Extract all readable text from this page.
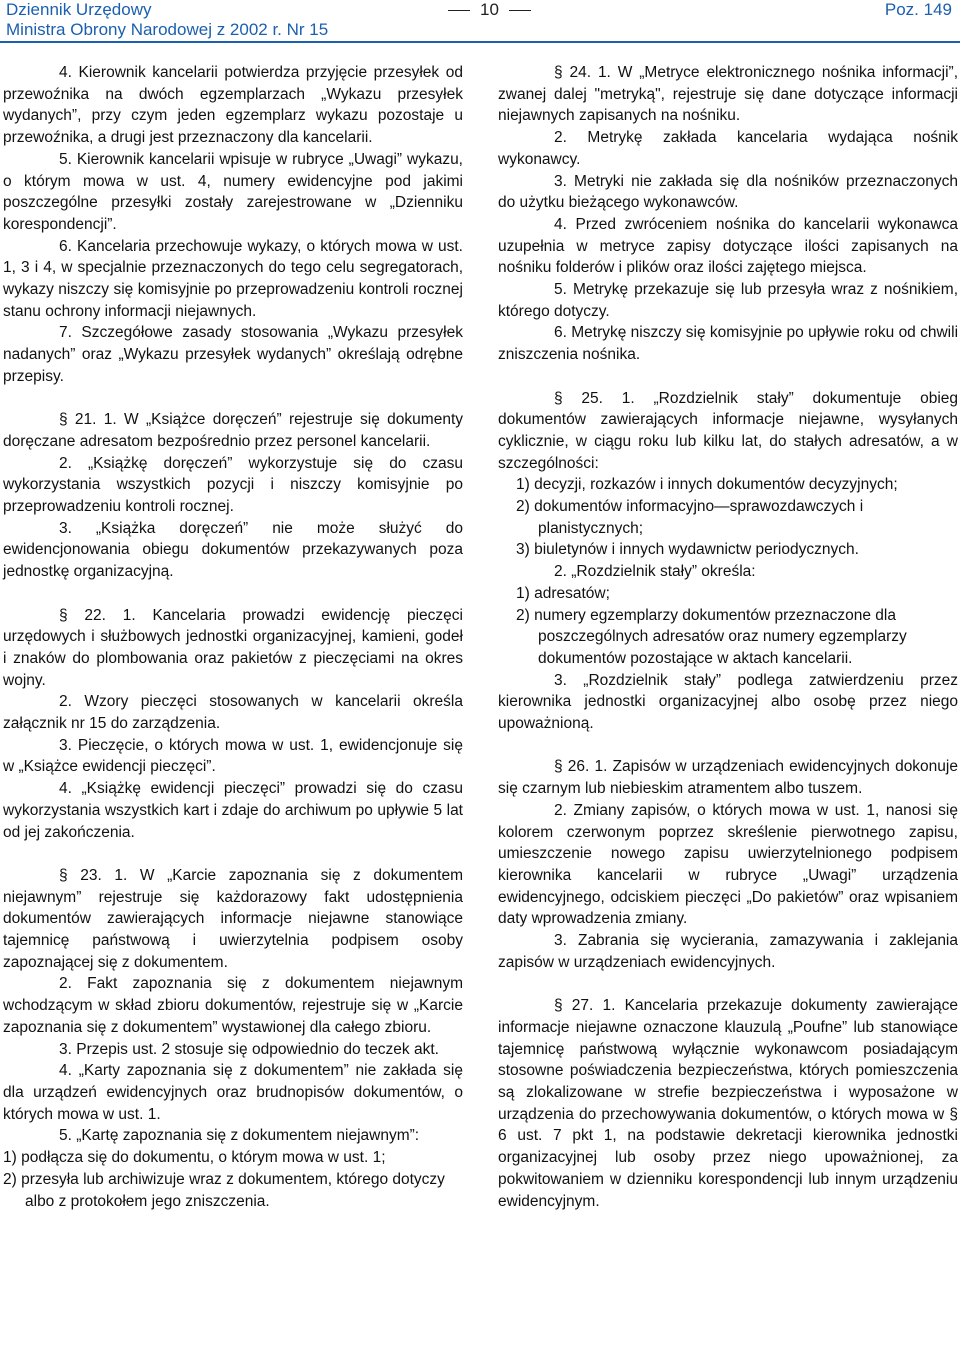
Dziennik Urzędowy

Ministra Obrony Narodowej z 2002 r. Nr 15

10	Poz. 149

4. Kierownik kancelarii potwierdza przyjęcie przesyłek od przewoźnika na dwóch egzemplarzach „Wykazu przesyłek wydanych”, przy czym jeden egzemplarz wykazu pozostaje u przewoźnika, a drugi jest przeznaczony dla kancelarii.

5. Kierownik kancelarii wpisuje w rubryce „Uwagi” wykazu, o którym mowa w ust. 4, numery ewidencyjne pod jakimi poszczególne przesyłki zostały zarejestrowane w „Dzienniku korespondencji”.

6. Kancelaria przechowuje wykazy, o których mowa w ust. 1, 3 i 4, w specjalnie przeznaczonych do tego celu segregatorach, wykazy niszczy się komisyjnie po przeprowadzeniu kontroli rocznej stanu ochrony informacji niejawnych.

7. Szczegółowe zasady stosowania „Wykazu przesyłek nadanych” oraz „Wykazu przesyłek wydanych” określają odrębne przepisy.

§ 21. 1. W „Książce doręczeń” rejestruje się dokumenty doręczane adresatom bezpośrednio przez personel kancelarii.

2. „Książkę doręczeń” wykorzystuje się do czasu wykorzystania wszystkich pozycji i niszczy komisyjnie po przeprowadzeniu kontroli rocznej.

3. „Książka doręczeń” nie może służyć do ewidencjonowania obiegu dokumentów przekazywanych poza jednostkę organizacyjną.

§ 22. 1. Kancelaria prowadzi ewidencję pieczęci urzędowych i służbowych jednostki organizacyjnej, kamieni, godeł i znaków do plombowania oraz pakietów z pieczęciami na okres wojny.

2. Wzory pieczęci stosowanych w kancelarii określa załącznik nr 15 do zarządzenia.

3. Pieczęcie, o których mowa w ust. 1, ewidencjonuje się w „Książce ewidencji pieczęci”.

4. „Książkę ewidencji pieczęci” prowadzi się do czasu wykorzystania wszystkich kart i zdaje do archiwum po upływie 5 lat od jej zakończenia.

§ 23. 1. W „Karcie zapoznania się z dokumentem niejawnym” rejestruje się każdorazowy fakt udostępnienia dokumentów zawierających informacje niejawne stanowiące tajemnicę państwową i uwierzytelnia podpisem osoby zapoznającej się z dokumentem.

2. Fakt zapoznania się z dokumentem niejawnym wchodzącym w skład zbioru dokumentów, rejestruje się w „Karcie zapoznania się z dokumentem” wystawionej dla całego zbioru.

3. Przepis ust. 2 stosuje się odpowiednio do teczek akt.

4. „Karty zapoznania się z dokumentem” nie zakłada się dla urządzeń ewidencyjnych oraz brudnopisów dokumentów, o których mowa w ust. 1.

5. „Kartę zapoznania się z dokumentem niejawnym”:

1) podłącza się do dokumentu, o którym mowa w ust. 1;

2) przesyła lub archiwizuje wraz z dokumentem, którego dotyczy albo z protokołem jego zniszczenia.

§ 24. 1. W „Metryce elektronicznego nośnika informacji”, zwanej dalej "metryką", rejestruje się dane dotyczące informacji niejawnych zapisanych na nośniku.

2. Metrykę zakłada kancelaria wydająca nośnik wykonawcy.

3. Metryki nie zakłada się dla nośników przeznaczonych do użytku bieżącego wykonawców.

4. Przed zwróceniem nośnika do kancelarii wykonawca uzupełnia w metryce zapisy dotyczące ilości zapisanych na nośniku folderów i plików oraz ilości zajętego miejsca.

5. Metrykę przekazuje się lub przesyła wraz z nośnikiem, którego dotyczy.

6. Metrykę niszczy się komisyjnie po upływie roku od chwili zniszczenia nośnika.

§ 25. 1. „Rozdzielnik stały” dokumentuje obieg dokumentów zawierających informacje niejawne, wysyłanych cyklicznie, w ciągu roku lub kilku lat, do stałych adresatów, a w szczególności:

1) decyzji, rozkazów i innych dokumentów decyzyjnych;

2) dokumentów informacyjno—sprawozdawczych i planistycznych;

3) biuletynów i innych wydawnictw periodycznych.

2. „Rozdzielnik stały” określa:

1) adresatów;

2) numery egzemplarzy dokumentów przeznaczone dla poszczególnych adresatów oraz numery egzemplarzy dokumentów pozostające w aktach kancelarii.

3. „Rozdzielnik stały” podlega zatwierdzeniu przez kierownika jednostki organizacyjnej albo osobę przez niego upoważnioną.

§ 26. 1. Zapisów w urządzeniach ewidencyjnych dokonuje się czarnym lub niebieskim atramentem albo tuszem.

2. Zmiany zapisów, o których mowa w ust. 1, nanosi się kolorem czerwonym poprzez skreślenie pierwotnego zapisu, umieszczenie nowego zapisu uwierzytelnionego podpisem kierownika kancelarii w rubryce „Uwagi” urządzenia ewidencyjnego, odciskiem pieczęci „Do pakietów” oraz wpisaniem daty wprowadzenia zmiany.

3. Zabrania się wycierania, zamazywania i zaklejania zapisów w urządzeniach ewidencyjnych.

§ 27. 1. Kancelaria przekazuje dokumenty zawierające informacje niejawne oznaczone klauzulą „Poufne” lub stanowiące tajemnicę państwową wyłącznie wykonawcom posiadającym stosowne poświadczenia bezpieczeństwa, których pomieszczenia są zlokalizowane w strefie bezpieczeństwa i wyposażone w urządzenia do przechowywania dokumentów, o których mowa w § 6 ust. 7 pkt 1, na podstawie dekretacji kierownika jednostki organizacyjnej lub osoby przez niego upoważnionej, za pokwitowaniem w dzienniku korespondencji lub innym urządzeniu ewidencyjnym.
